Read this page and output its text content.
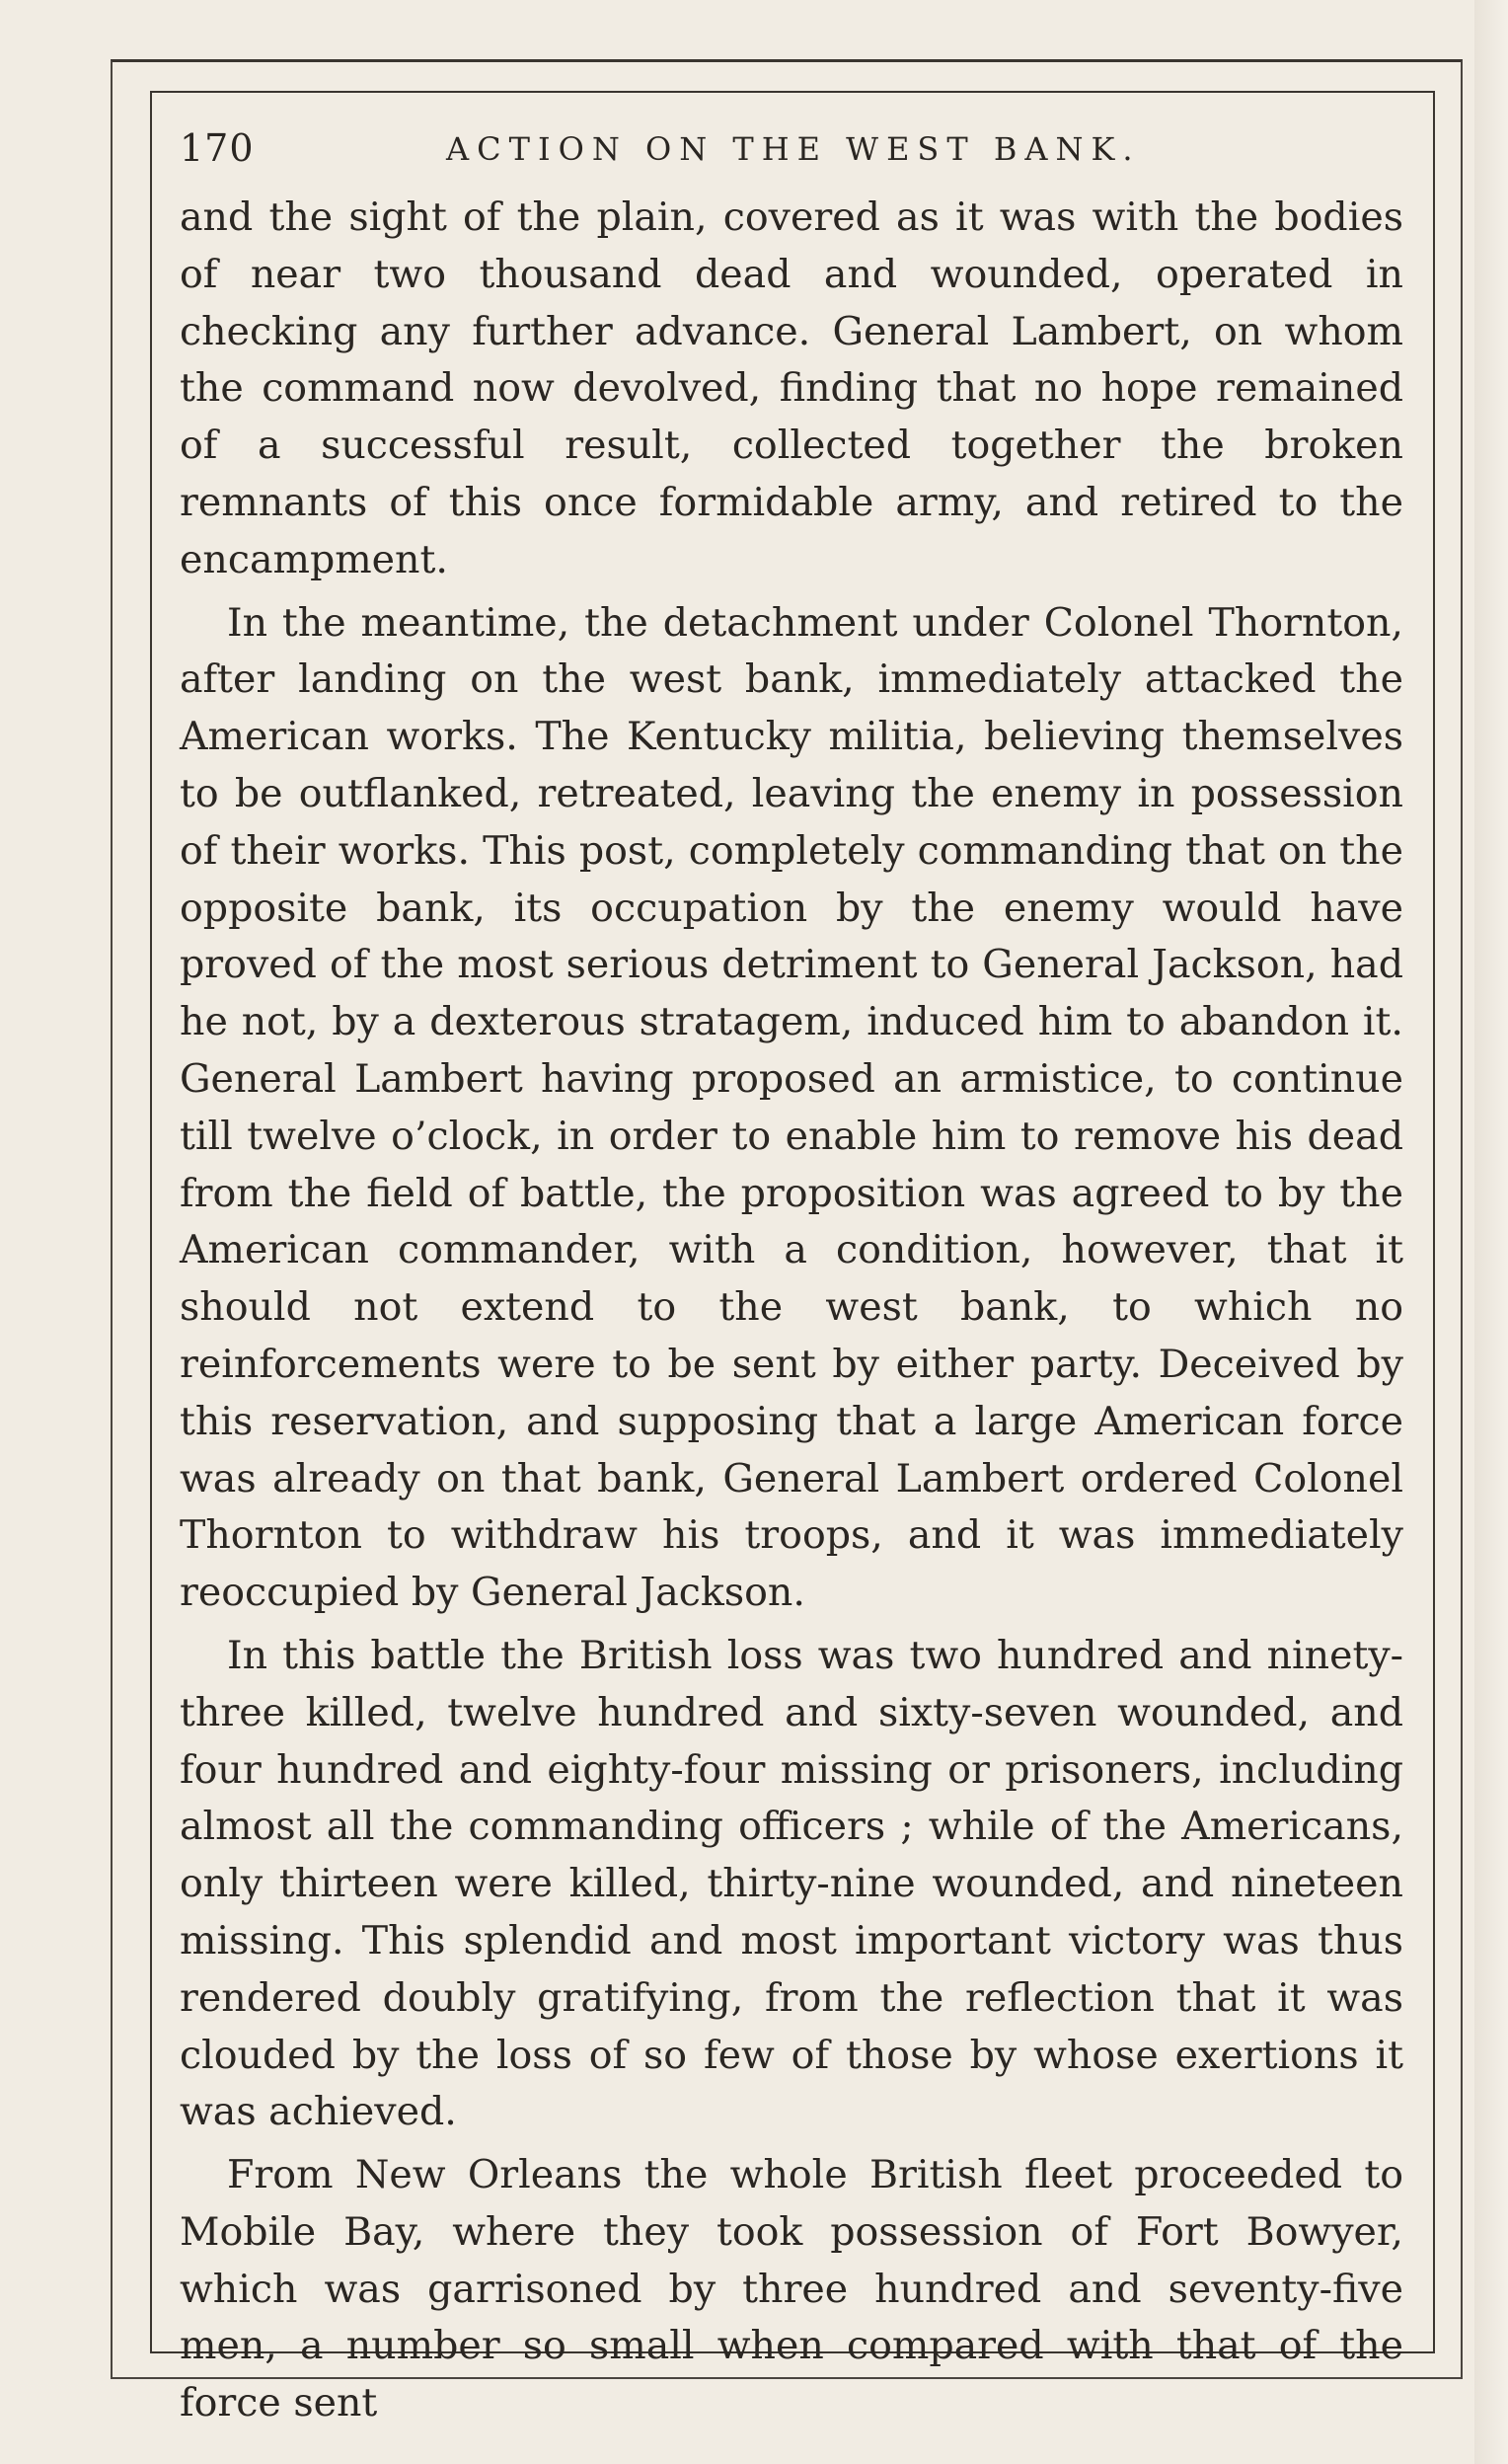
170	ACTION ON THE WEST BANK.

and the sight of the plain, covered as it was with the bodies of near two thousand dead and wounded, operated in checking any further advance. General Lambert, on whom the command now devolved, finding that no hope remained of a successful result, collected together the broken remnants of this once formidable army, and retired to the encampment.

In the meantime, the detachment under Colonel Thornton, after landing on the west bank, immediately attacked the American works. The Kentucky militia, believing themselves to be outflanked, retreated, leaving the enemy in possession of their works. This post, completely commanding that on the opposite bank, its occupation by the enemy would have proved of the most serious detriment to General Jackson, had he not, by a dexterous stratagem, induced him to abandon it. General Lambert having proposed an armistice, to continue till twelve o’clock, in order to enable him to remove his dead from the field of battle, the proposition was agreed to by the American commander, with a condition, however, that it should not extend to the west bank, to which no reinforcements were to be sent by either party. Deceived by this reservation, and supposing that a large American force was already on that bank, General Lambert ordered Colonel Thornton to withdraw his troops, and it was immediately reoccupied by General Jackson.

In this battle the British loss was two hundred and ninety-three killed, twelve hundred and sixty-seven wounded, and four hundred and eighty-four missing or prisoners, including almost all the commanding officers ; while of the Americans, only thirteen were killed, thirty-nine wounded, and nineteen missing. This splendid and most important victory was thus rendered doubly gratifying, from the reflection that it was clouded by the loss of so few of those by whose exertions it was achieved.

From New Orleans the whole British fleet proceeded to Mobile Bay, where they took possession of Fort Bowyer, which was garrisoned by three hundred and seventy-five men, a number so small when compared with that of the force sent
